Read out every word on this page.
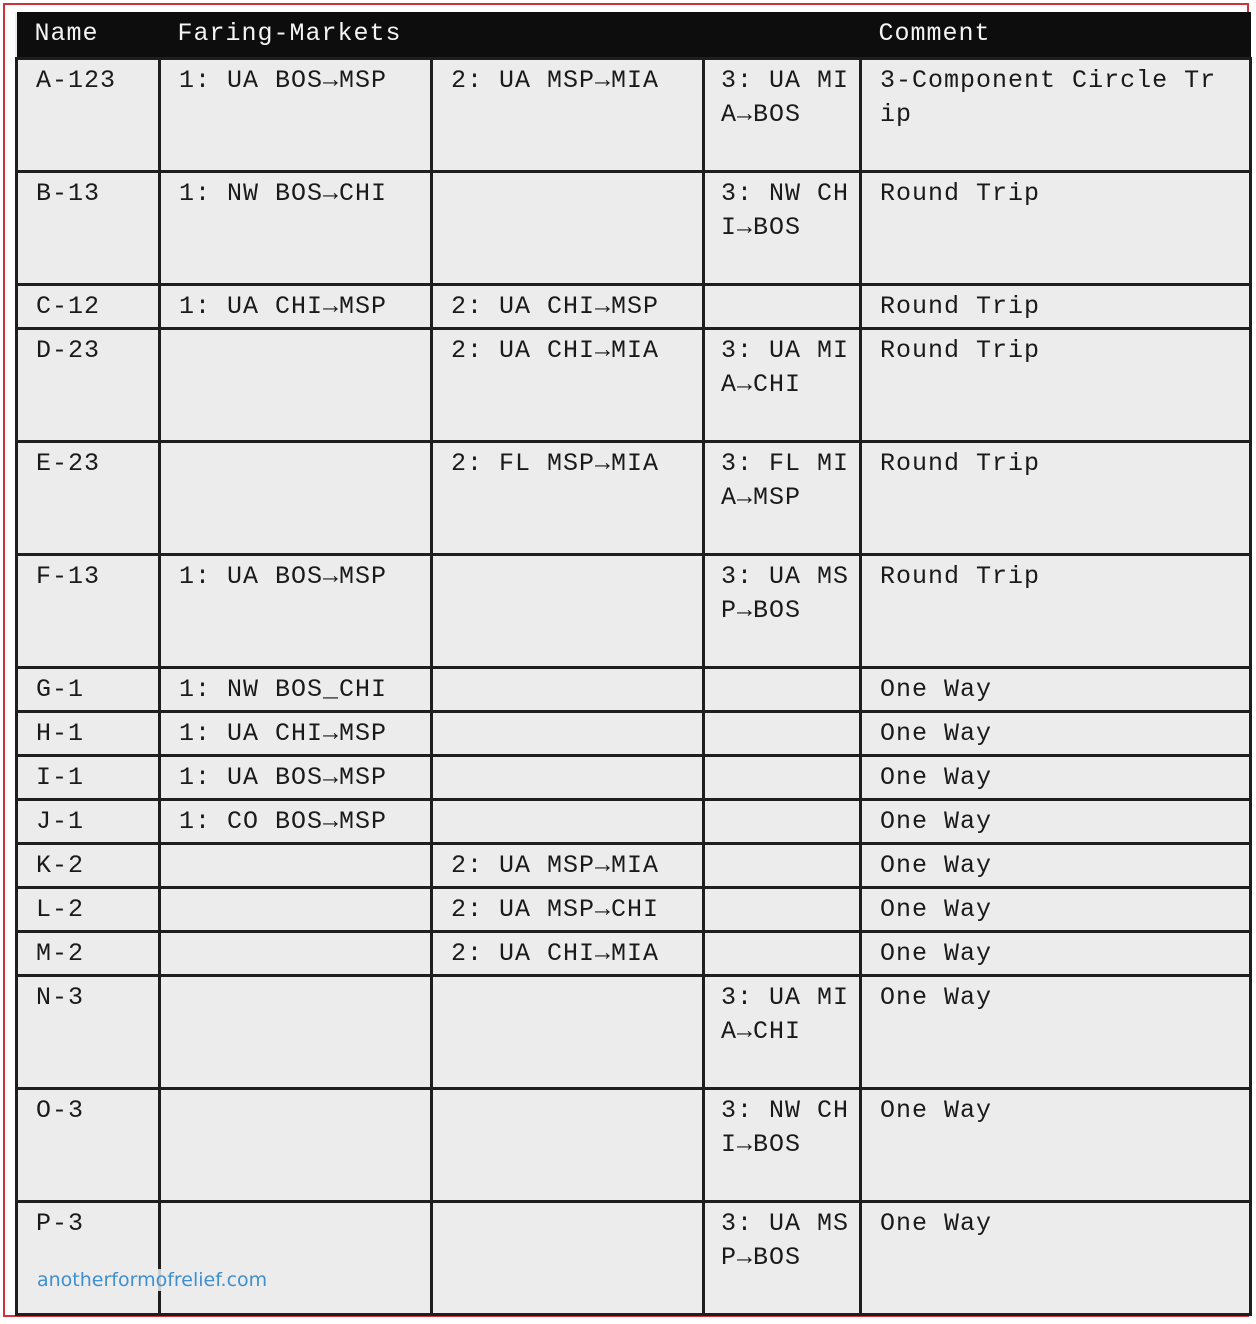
Name	Faring-Markets			Comment
A-123	1: UA BOS→MSP	2: UA MSP→MIA	3: UA MIA→BOS	3-Component Circle Trip
B-13	1: NW BOS→CHI		3: NW CHI→BOS	Round Trip
C-12	1: UA CHI→MSP	2: UA CHI→MSP		Round Trip
D-23		2: UA CHI→MIA	3: UA MIA→CHI	Round Trip
E-23		2: FL MSP→MIA	3: FL MIA→MSP	Round Trip
F-13	1: UA BOS→MSP		3: UA MSP→BOS	Round Trip
G-1	1: NW BOS_CHI			One Way
H-1	1: UA CHI→MSP			One Way
I-1	1: UA BOS→MSP			One Way
J-1	1: CO BOS→MSP			One Way
K-2		2: UA MSP→MIA		One Way
L-2		2: UA MSP→CHI		One Way
M-2		2: UA CHI→MIA		One Way
N-3			3: UA MIA→CHI	One Way
O-3			3: NW CHI→BOS	One Way
P-3			3: UA MSP→BOS	One Way
anotherformofrelief.com
